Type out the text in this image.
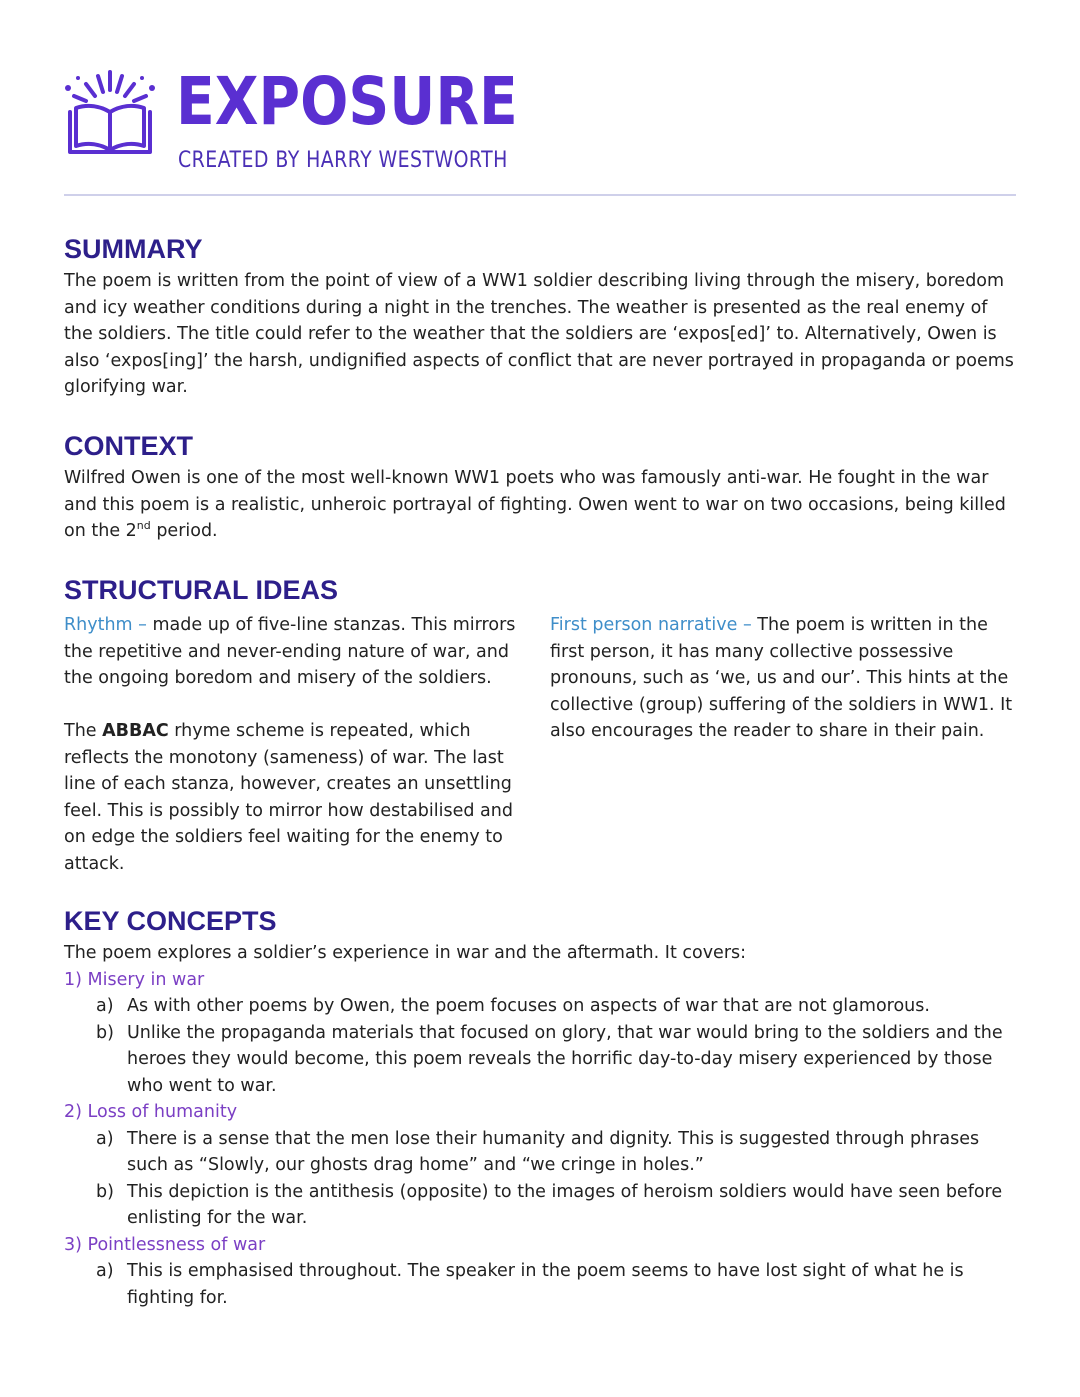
EXPOSURE
CREATED BY HARRY WESTWORTH
SUMMARY

The poem is written from the point of view of a WW1 soldier describing living through the misery, boredom and icy weather conditions during a night in the trenches. The weather is presented as the real enemy of the soldiers. The title could refer to the weather that the soldiers are ‘expos[ed]’ to. Alternatively, Owen is also ‘expos[ing]’ the harsh, undignified aspects of conflict that are never portrayed in propaganda or poems glorifying war.

CONTEXT

Wilfred Owen is one of the most well-known WW1 poets who was famously anti-war. He fought in the war and this poem is a realistic, unheroic portrayal of fighting. Owen went to war on two occasions, being killed on the 2nd period.

STRUCTURAL IDEAS

Rhythm – made up of five-line stanzas. This mirrors the repetitive and never-ending nature of war, and the ongoing boredom and misery of the soldiers.

The ABBAC rhyme scheme is repeated, which reflects the monotony (sameness) of war. The last line of each stanza, however, creates an unsettling feel. This is possibly to mirror how destabilised and on edge the soldiers feel waiting for the enemy to attack.

First person narrative – The poem is written in the first person, it has many collective possessive pronouns, such as ‘we, us and our’. This hints at the collective (group) suffering of the soldiers in WW1. It also encourages the reader to share in their pain.

KEY CONCEPTS

The poem explores a soldier’s experience in war and the aftermath. It covers:

1) Misery in war
a) As with other poems by Owen, the poem focuses on aspects of war that are not glamorous.
b) Unlike the propaganda materials that focused on glory, that war would bring to the soldiers and the heroes they would become, this poem reveals the horrific day-to-day misery experienced by those who went to war.
2) Loss of humanity
a) There is a sense that the men lose their humanity and dignity. This is suggested through phrases such as “Slowly, our ghosts drag home” and “we cringe in holes.”
b) This depiction is the antithesis (opposite) to the images of heroism soldiers would have seen before enlisting for the war.
3) Pointlessness of war
a) This is emphasised throughout. The speaker in the poem seems to have lost sight of what he is fighting for.
